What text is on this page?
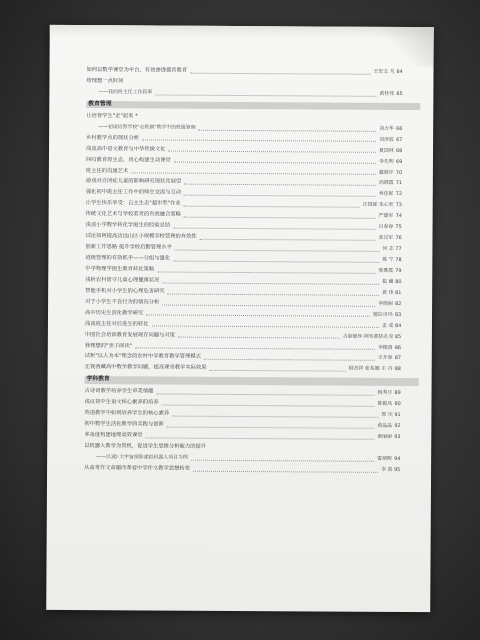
如何以数学课堂为平台，有效渗透德育教育	王宏文 凡 64
给理想一点时间
——我的班主任工作叙事	黄桂伟 65
教育管理
让培智学生"走"起来 *
——初谈培智学校"走班制"教学中的班级管理	刘力华 66
乡村教学点的现状分析	刘彦波 67
浅谈高中语文教育与中华传统文化	夏国林 68
回归教育原生态，用心构建生动课堂	李先明 69
班主任的沟通艺术	戴晓宇 70
游戏对自闭症儿童的影响研究现状及展望	尚晓霞 71
强化初中班主任工作中的师生交流与互动	寿佳妮 72
让学生快乐享受：自主生态"超市型"作业	汪国霖 朱心宏 73
传统文化艺术与学校美育的有效融合策略	严建军 74
浅谈小学数学转化学困生的经验总结	吕春春 75
试论如何提高边远山区小规模学校管理的有效性	张汉军 76
创新工作思路 提升学校后勤管理水平	何 志 77
班级管理的有效抓手——分组与量化	陈 宁 78
中学物理学困生教育转化策略	邢曼霞 79
浅析农村留守儿童心理健康状况	崔 藏 80
智能手机对小学生的心理危害研究	黄 玮 81
对于小学生不良行为的情况分析	李晓丽 82
高中历史生活化教学研究	德拉卓玛 83
浅谈班主任对后进生的转化	孟 成 84
中国社会培训教育发展现存问题与对策	古丽夏丝·阿布都热孔克 85
我理想的"亲子阅读"	李德清 86
试析"以人为本"理念的农村中学教育教学管理模式	王开春 87
正视西藏高中数学教学问题，提高课堂教学实际效果	顾青祥 张兆娜 王 丹 88
学科教育
古诗词教学培养学生审美情趣	杨秀月 89
浅议初中生语文核心素养的培养	陈毅凤 90
英语教学中如何培养学生的核心素养	郭 庆 91
初中数学生活化教学的实践与创新	黄晶晶 92
多角度构建地理高效课堂	唐丽丽 93
以机器人教学为契机，促进学生思维分析能力的提升
——以3D 大宇宙探险虚拟机器人项目为例	雷炳辉 94
从高考作文命题改革看中学作文教学思想转变	李 香 95
